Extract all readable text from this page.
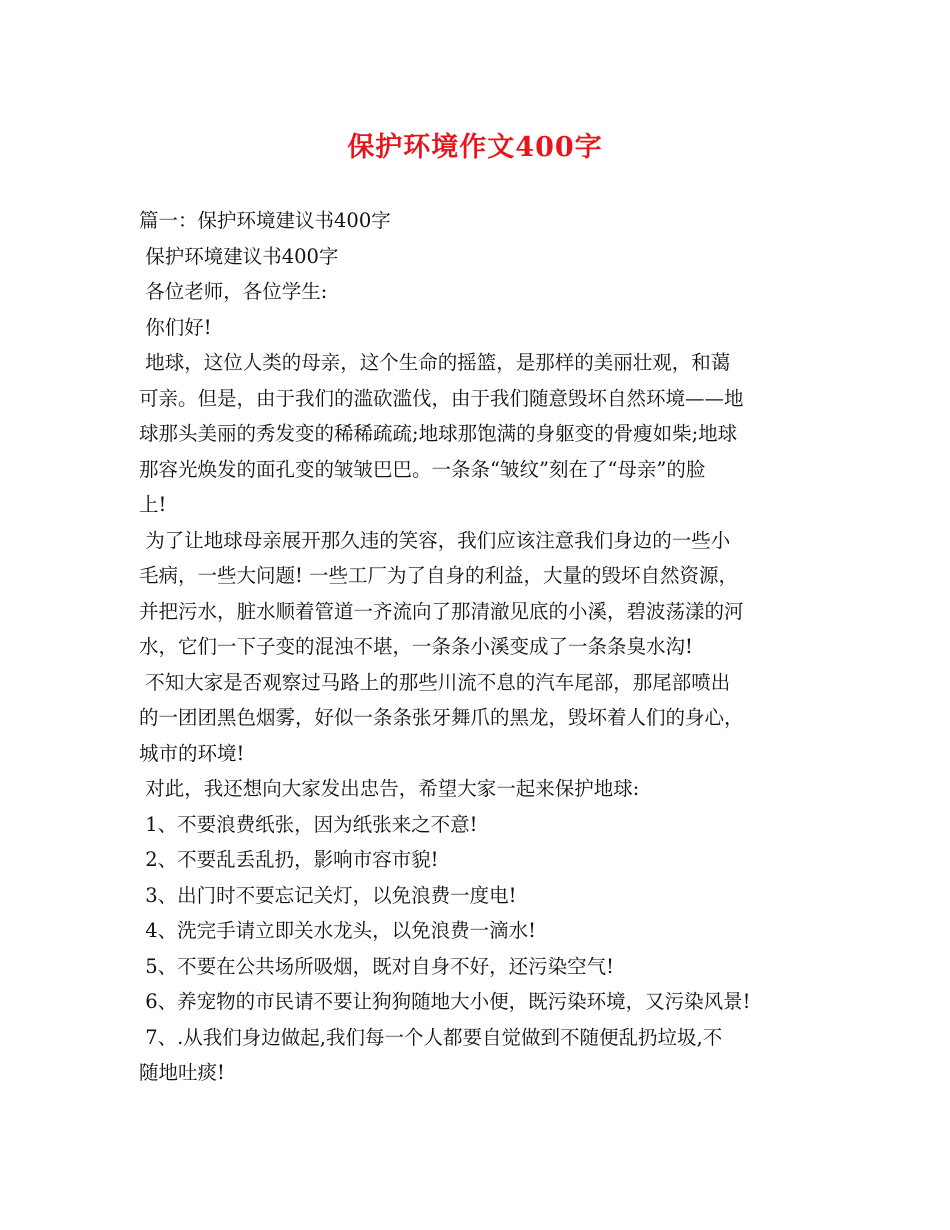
保护环境作文400字
篇一：保护环境建议书400字
保护环境建议书400字
各位老师，各位学生:
你们好!
地球，这位人类的母亲，这个生命的摇篮，是那样的美丽壮观，和蔼
可亲。但是，由于我们的滥砍滥伐，由于我们随意毁坏自然环境——地
球那头美丽的秀发变的稀稀疏疏;地球那饱满的身躯变的骨瘦如柴;地球
那容光焕发的面孔变的皱皱巴巴。一条条“皱纹”刻在了“母亲”的脸
上!
为了让地球母亲展开那久违的笑容，我们应该注意我们身边的一些小
毛病，一些大问题! 一些工厂为了自身的利益，大量的毁坏自然资源，
并把污水，脏水顺着管道一齐流向了那清澈见底的小溪，碧波荡漾的河
水，它们一下子变的混浊不堪，一条条小溪变成了一条条臭水沟!
不知大家是否观察过马路上的那些川流不息的汽车尾部，那尾部喷出
的一团团黑色烟雾，好似一条条张牙舞爪的黑龙，毁坏着人们的身心，
城市的环境!
对此，我还想向大家发出忠告，希望大家一起来保护地球:
1、不要浪费纸张，因为纸张来之不意!
2、不要乱丢乱扔，影响市容市貌!
3、出门时不要忘记关灯，以免浪费一度电!
4、洗完手请立即关水龙头，以免浪费一滴水!
5、不要在公共场所吸烟，既对自身不好，还污染空气!
6、养宠物的市民请不要让狗狗随地大小便，既污染环境，又污染风景!
7、.从我们身边做起,我们每一个人都要自觉做到不随便乱扔垃圾,不
随地吐痰!
